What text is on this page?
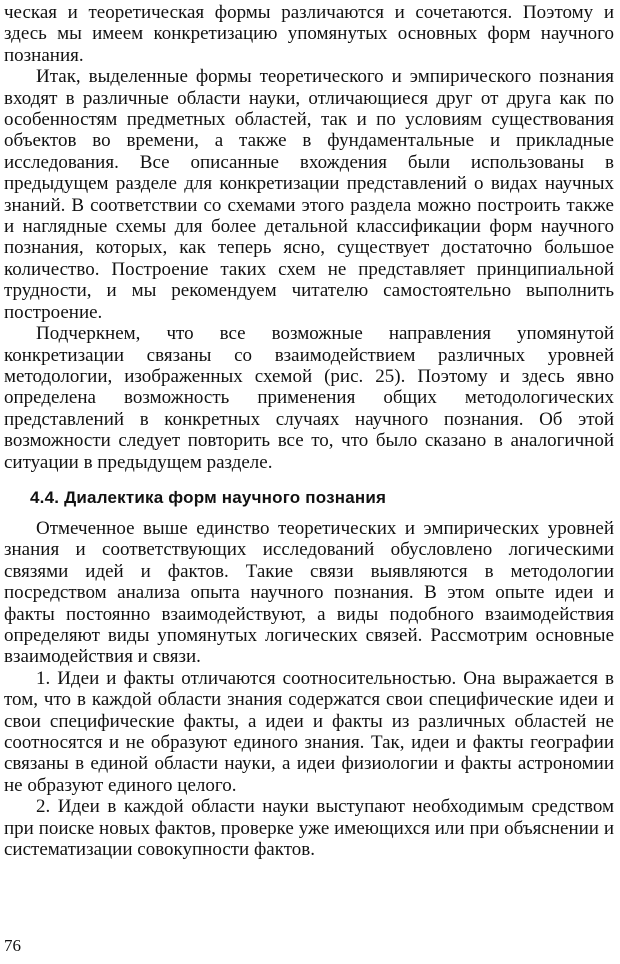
ческая и теоретическая формы различаются и сочетаются. Поэтому и здесь мы имеем конкретизацию упомянутых основных форм научного познания.

Итак, выделенные формы теоретического и эмпирического познания входят в различные области науки, отличающиеся друг от друга как по особенностям предметных областей, так и по условиям существования объектов во времени, а также в фундаментальные и прикладные исследования. Все описанные вхождения были использованы в предыдущем разделе для конкретизации представлений о видах научных знаний. В соответствии со схемами этого раздела можно построить также и наглядные схемы для более детальной классификации форм научного познания, которых, как теперь ясно, существует достаточно большое количество. Построение таких схем не представляет принципиальной трудности, и мы рекомендуем читателю самостоятельно выполнить построение.

Подчеркнем, что все возможные направления упомянутой конкретизации связаны со взаимодействием различных уровней методологии, изображенных схемой (рис. 25). Поэтому и здесь явно определена возможность применения общих методологических представлений в конкретных случаях научного познания. Об этой возможности следует повторить все то, что было сказано в аналогичной ситуации в предыдущем разделе.

4.4. Диалектика форм научного познания

Отмеченное выше единство теоретических и эмпирических уровней знания и соответствующих исследований обусловлено логическими связями идей и фактов. Такие связи выявляются в методологии посредством анализа опыта научного познания. В этом опыте идеи и факты постоянно взаимодействуют, а виды подобного взаимодействия определяют виды упомянутых логических связей. Рассмотрим основные взаимодействия и связи.

1. Идеи и факты отличаются соотносительностью. Она выражается в том, что в каждой области знания содержатся свои специфические идеи и свои специфические факты, а идеи и факты из различных областей не соотносятся и не образуют единого знания. Так, идеи и факты географии связаны в единой области науки, а идеи физиологии и факты астрономии не образуют единого целого.

2. Идеи в каждой области науки выступают необходимым средством при поиске новых фактов, проверке уже имеющихся или при объяснении и систематизации совокупности фактов.

76
